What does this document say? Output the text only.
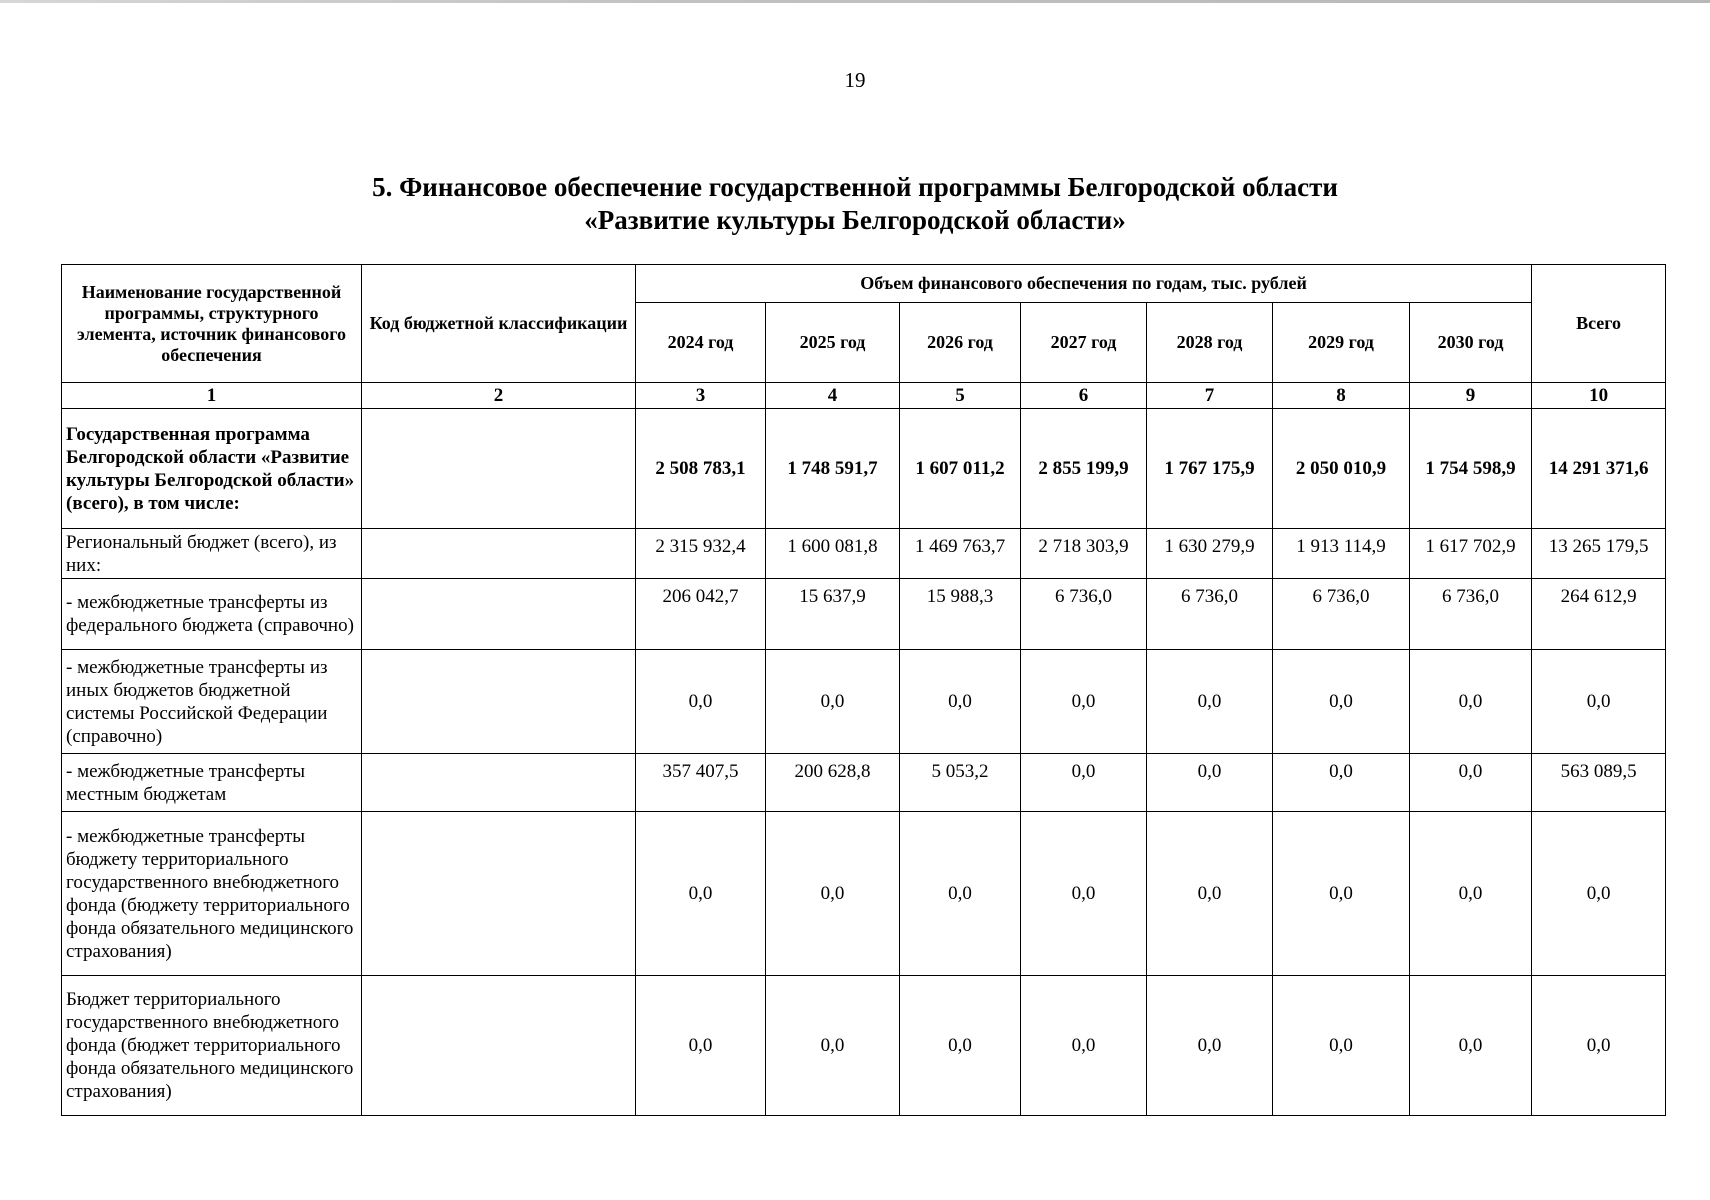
19
5. Финансовое обеспечение государственной программы Белгородской области
«Развитие культуры Белгородской области»
Наименование государственной программы, структурного элемента, источник финансового обеспечения	Код бюджетной классификации	Объем финансового обеспечения по годам, тыс. рублей							Всего
		2024 год	2025 год	2026 год	2027 год	2028 год	2029 год	2030 год	
1	2	3	4	5	6	7	8	9	10
Государственная программа Белгородской области «Развитие культуры Белгородской области» (всего), в том числе:		2 508 783,1	1 748 591,7	1 607 011,2	2 855 199,9	1 767 175,9	2 050 010,9	1 754 598,9	14 291 371,6
Региональный бюджет (всего), из них:		2 315 932,4	1 600 081,8	1 469 763,7	2 718 303,9	1 630 279,9	1 913 114,9	1 617 702,9	13 265 179,5
- межбюджетные трансферты из федерального бюджета (справочно)		206 042,7	15 637,9	15 988,3	6 736,0	6 736,0	6 736,0	6 736,0	264 612,9
- межбюджетные трансферты из иных бюджетов бюджетной системы Российской Федерации (справочно)		0,0	0,0	0,0	0,0	0,0	0,0	0,0	0,0
- межбюджетные трансферты местным бюджетам		357 407,5	200 628,8	5 053,2	0,0	0,0	0,0	0,0	563 089,5
- межбюджетные трансферты бюджету территориального государственного внебюджетного фонда (бюджету территориального фонда обязательного медицинского страхования)		0,0	0,0	0,0	0,0	0,0	0,0	0,0	0,0
Бюджет территориального государственного внебюджетного фонда (бюджет территориального фонда обязательного медицинского страхования)		0,0	0,0	0,0	0,0	0,0	0,0	0,0	0,0
